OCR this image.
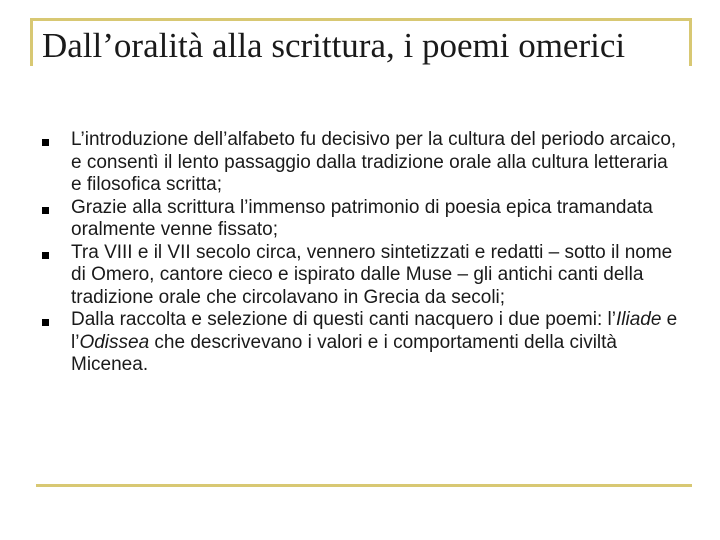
Dall’oralità alla scrittura, i poemi omerici
L’introduzione dell’alfabeto fu decisivo per la cultura del periodo arcaico, e consentì il lento passaggio dalla tradizione orale alla cultura letteraria e filosofica scritta;
Grazie alla scrittura l’immenso patrimonio di poesia epica tramandata oralmente venne fissato;
Tra VIII e il VII secolo circa, vennero sintetizzati e redatti – sotto il nome di Omero, cantore cieco e ispirato dalle Muse – gli antichi canti della tradizione orale che circolavano in Grecia da secoli;
Dalla raccolta e selezione di questi canti nacquero i due poemi: l’Iliade e l’Odissea che descrivevano i valori e i comportamenti della civiltà Micenea.
